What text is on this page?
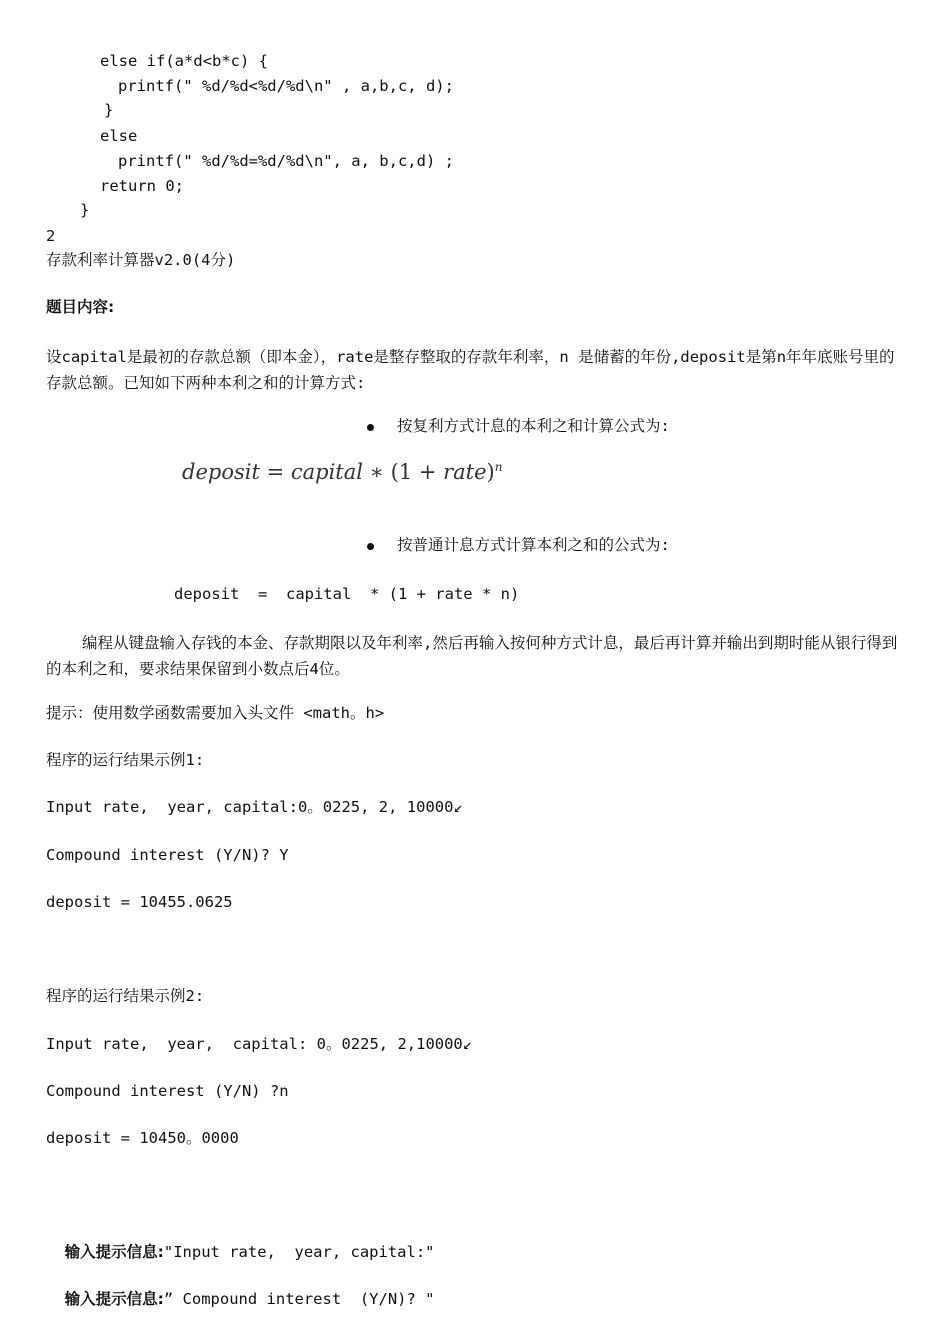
else if(a*d<b*c) {
printf(" %d/%d<%d/%d\n" , a,b,c, d);
}
else
printf(" %d/%d=%d/%d\n", a, b,c,d) ;
return 0;
}
2
存款利率计算器v2.0(4分)
题目内容:
设capital是最初的存款总额（即本金），rate是整存整取的存款年利率，n 是储蓄的年份,deposit是第n年年底账号里的存款总额。已知如下两种本利之和的计算方式:
按复利方式计息的本利之和计算公式为:
deposit = capital ∗ (1 + rate)$^n$
按普通计息方式计算本利之和的公式为:
deposit  =  capital  * (1 + rate * n)
编程从键盘输入存钱的本金、存款期限以及年利率,然后再输入按何种方式计息，最后再计算并输出到期时能从银行得到的本利之和，要求结果保留到小数点后4位。
提示：使用数学函数需要加入头文件 <math。h>
程序的运行结果示例1:
Input rate,  year, capital:0。0225, 2, 10000↙
Compound interest (Y/N)? Y
deposit = 10455.0625
程序的运行结果示例2:
Input rate,  year,  capital: 0。0225, 2,10000↙
Compound interest (Y/N) ?n
deposit = 10450。0000

输入提示信息:"Input rate,  year, capital:"

输入提示信息:” Compound interest  (Y/N)? "
